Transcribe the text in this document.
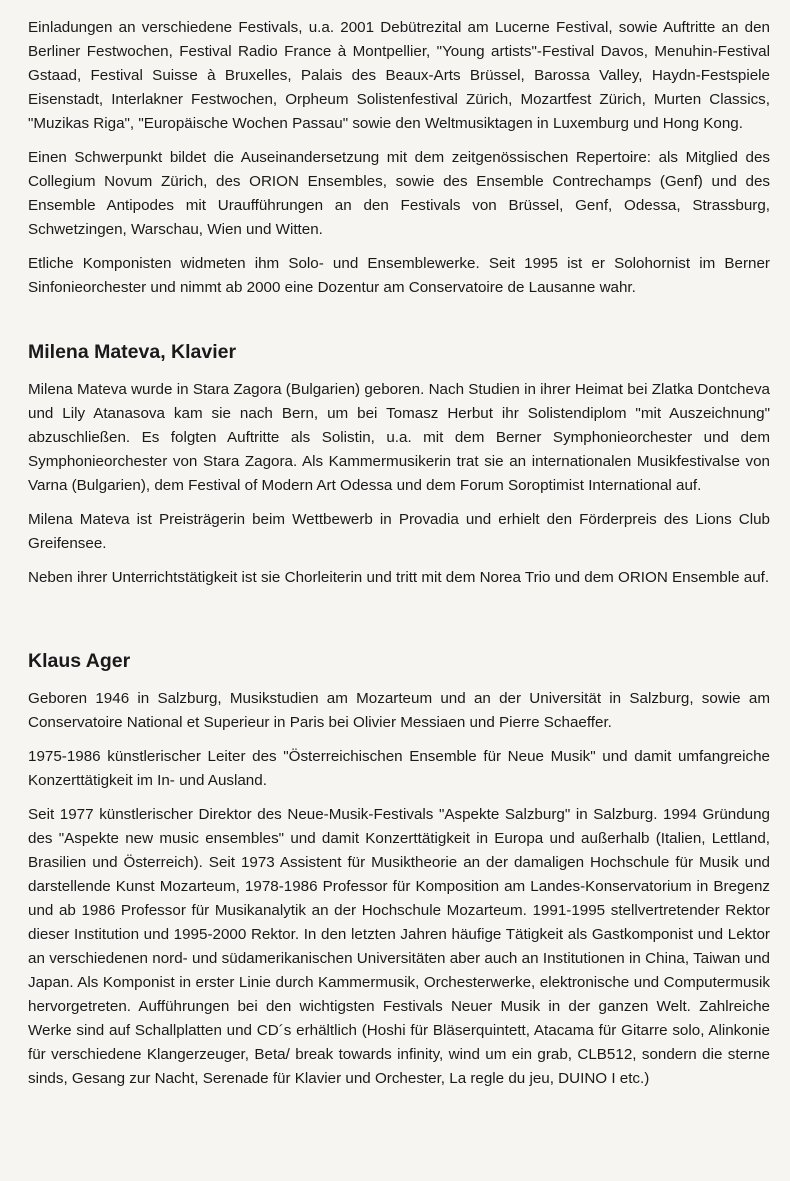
Einladungen an verschiedene Festivals, u.a. 2001 Debütrezital am Lucerne Festival, sowie Auftritte an den Berliner Festwochen, Festival Radio France à Montpellier, "Young artists"-Festival Davos, Menuhin-Festival Gstaad, Festival Suisse à Bruxelles, Palais des Beaux-Arts Brüssel, Barossa Valley, Haydn-Festspiele Eisenstadt, Interlakner Festwochen, Orpheum Solistenfestival Zürich, Mozartfest Zürich, Murten Classics, "Muzikas Riga", "Europäische Wochen Passau" sowie den Weltmusiktagen in Luxemburg und Hong Kong.

Einen Schwerpunkt bildet die Auseinandersetzung mit dem zeitgenössischen Repertoire: als Mitglied des Collegium Novum Zürich, des ORION Ensembles, sowie des Ensemble Contrechamps (Genf) und des Ensemble Antipodes mit Uraufführungen an den Festivals von Brüssel, Genf, Odessa, Strassburg, Schwetzingen, Warschau, Wien und Witten.

Etliche Komponisten widmeten ihm Solo- und Ensemblewerke. Seit 1995 ist er Solohornist im Berner Sinfonieorchester und nimmt ab 2000 eine Dozentur am Conservatoire de Lausanne wahr.

Milena Mateva, Klavier

Milena Mateva wurde in Stara Zagora (Bulgarien) geboren. Nach Studien in ihrer Heimat bei Zlatka Dontcheva und Lily Atanasova kam sie nach Bern, um bei Tomasz Herbut ihr Solistendiplom "mit Auszeichnung" abzuschließen. Es folgten Auftritte als Solistin, u.a. mit dem Berner Symphonieorchester und dem Symphonieorchester von Stara Zagora. Als Kammermusikerin trat sie an internationalen Musikfestivalse von Varna (Bulgarien), dem Festival of Modern Art Odessa und dem Forum Soroptimist International auf.

Milena Mateva ist Preisträgerin beim Wettbewerb in Provadia und erhielt den Förderpreis des Lions Club Greifensee.

Neben ihrer Unterrichtstätigkeit ist sie Chorleiterin und tritt mit dem Norea Trio und dem ORION Ensemble auf.

Klaus Ager

Geboren 1946 in Salzburg, Musikstudien am Mozarteum und an der Universität in Salzburg, sowie am Conservatoire National et Superieur in Paris bei Olivier Messiaen und Pierre Schaeffer.

1975-1986 künstlerischer Leiter des "Österreichischen Ensemble für Neue Musik" und damit umfangreiche Konzerttätigkeit im In- und Ausland.

Seit 1977 künstlerischer Direktor des Neue-Musik-Festivals "Aspekte Salzburg" in Salzburg. 1994 Gründung des "Aspekte new music ensembles" und damit Konzerttätigkeit in Europa und außerhalb (Italien, Lettland, Brasilien und Österreich). Seit 1973 Assistent für Musiktheorie an der damaligen Hochschule für Musik und darstellende Kunst Mozarteum, 1978-1986 Professor für Komposition am Landes-Konservatorium in Bregenz und ab 1986 Professor für Musikanalytik an der Hochschule Mozarteum. 1991-1995 stellvertretender Rektor dieser Institution und 1995-2000 Rektor. In den letzten Jahren häufige Tätigkeit als Gastkomponist und Lektor an verschiedenen nord- und südamerikanischen Universitäten aber auch an Institutionen in China, Taiwan und Japan. Als Komponist in erster Linie durch Kammermusik, Orchesterwerke, elektronische und Computermusik hervorgetreten. Aufführungen bei den wichtigsten Festivals Neuer Musik in der ganzen Welt. Zahlreiche Werke sind auf Schallplatten und CD´s erhältlich (Hoshi für Bläserquintett, Atacama für Gitarre solo, Alinkonie für verschiedene Klangerzeuger, Beta/ break towards infinity, wind um ein grab, CLB512, sondern die sterne sinds, Gesang zur Nacht, Serenade für Klavier und Orchester, La regle du jeu, DUINO I etc.)
